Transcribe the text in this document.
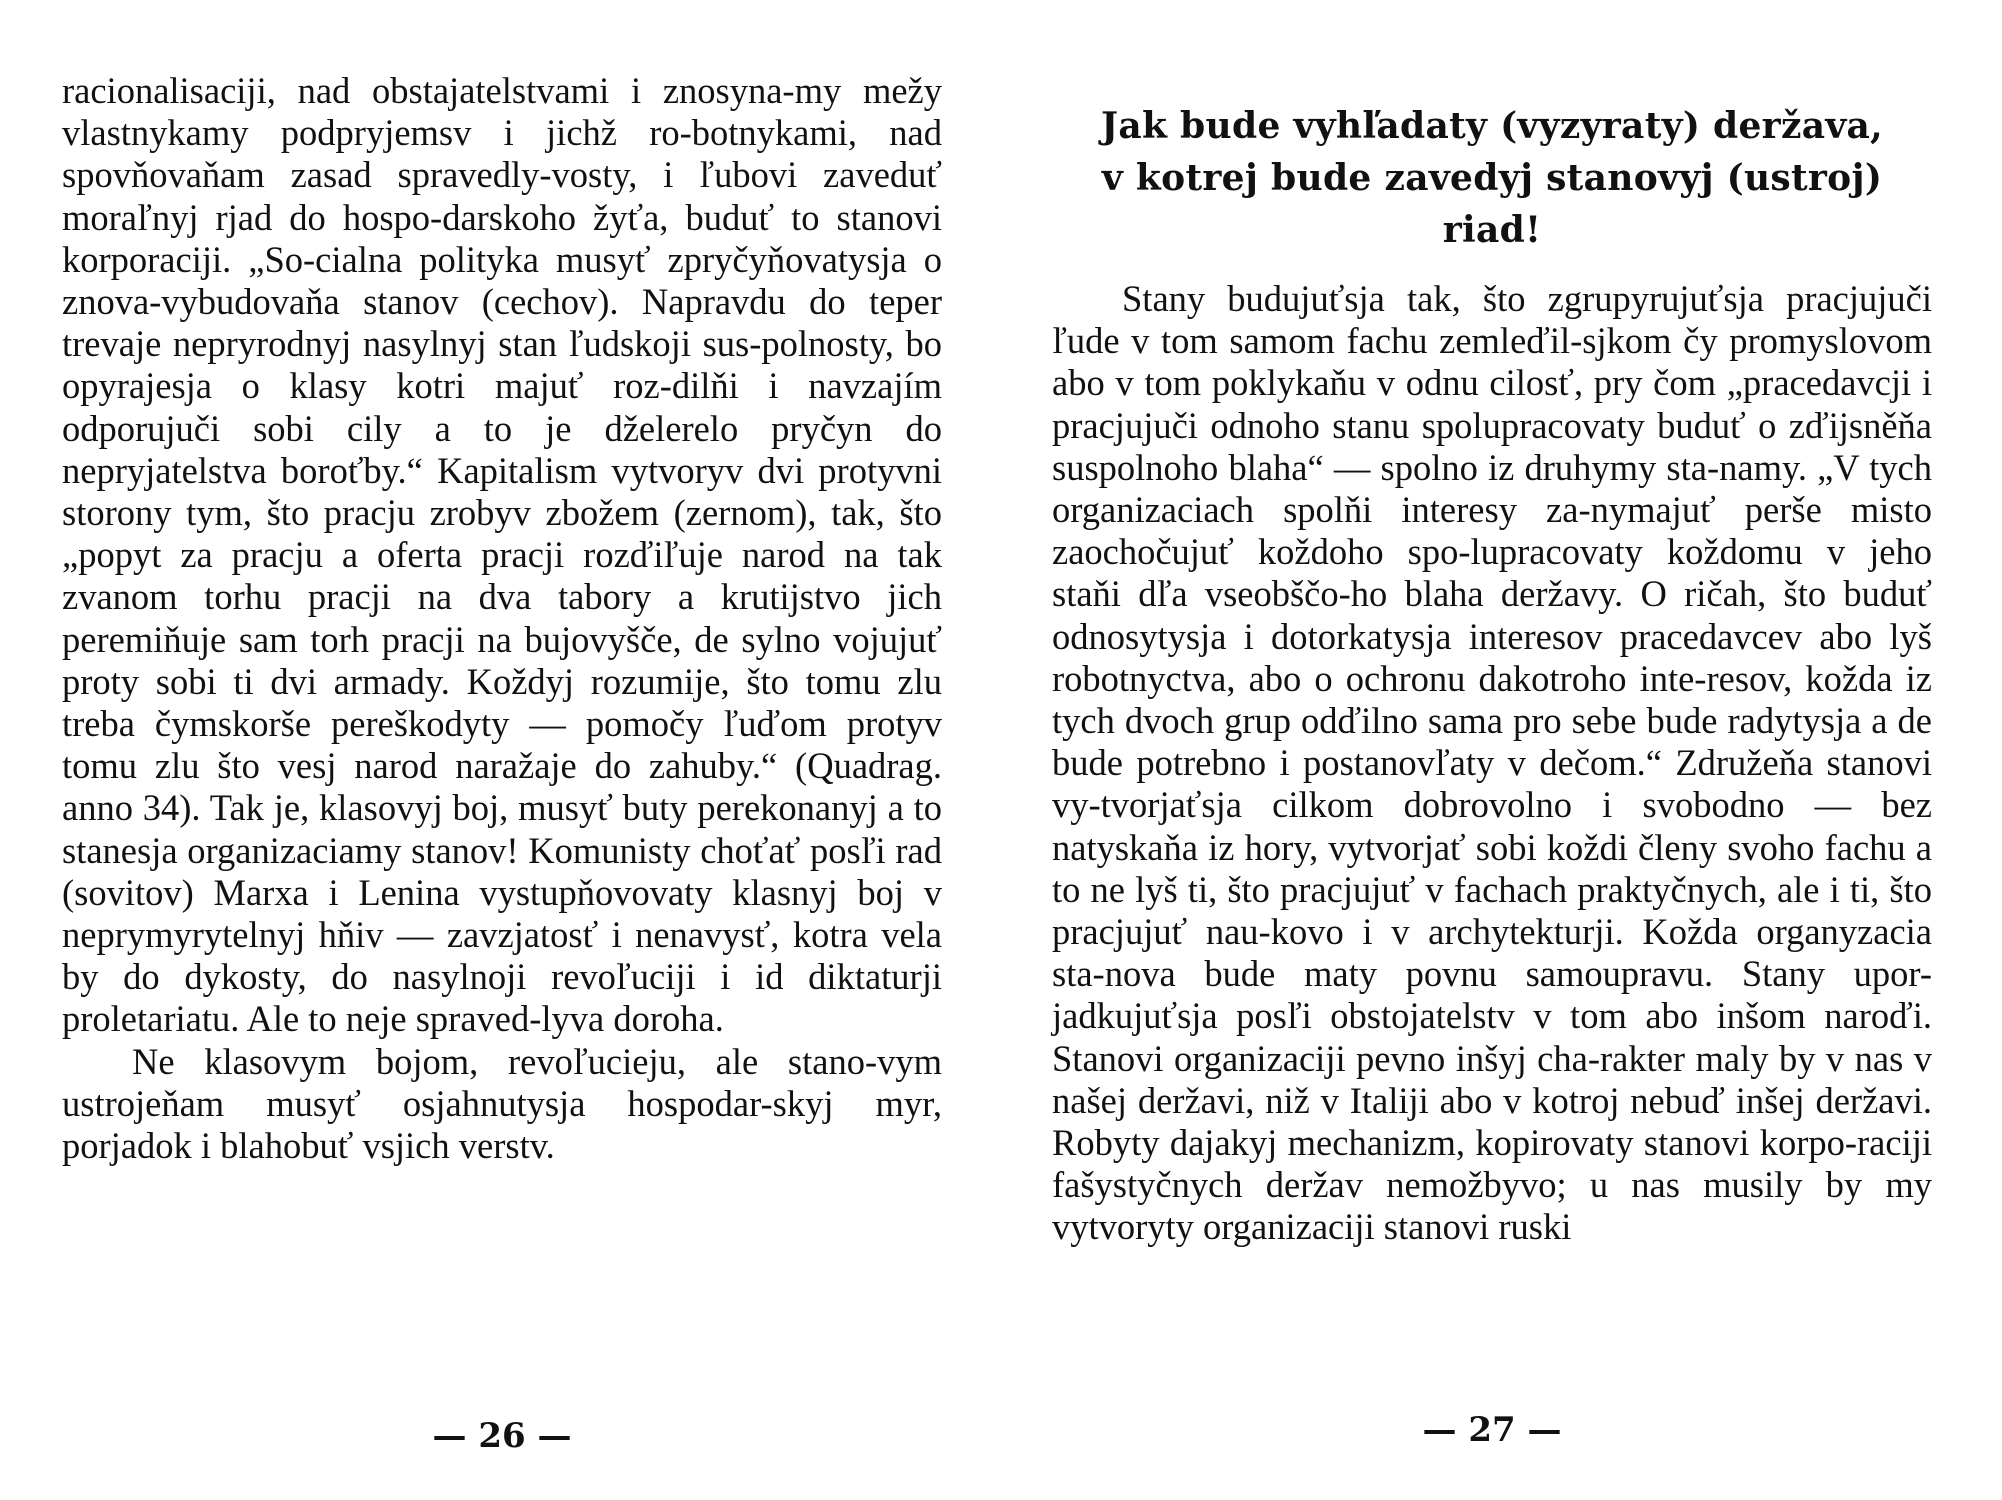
racionalisaciji, nad obstajatelstvami i znosyna-my mežy vlastnykamy podpryjemsv i jichž ro-botnykami, nad spovňovaňam zasad spravedly-vosty, i ľubovi zaveduť moraľnyj rjad do hospo-darskoho žyťa, buduť to stanovi korporaciji. „So-cialna polityka musyť zpryčyňovatysja o znova-vybudovaňa stanov (cechov). Napravdu do teper trevaje nepryrodnyj nasylnyj stan ľudskoji sus-polnosty, bo opyrajesja o klasy kotri majuť roz-dilňi i navzajím odporujuči sobi cily a to je dželerelo pryčyn do nepryjatelstva boroťby.“ Kapitalism vytvoryv dvi protyvni storony tym, što pracju zrobyv zbožem (zernom), tak, što „popyt za pracju a oferta pracji rozďiľuje narod na tak zvanom torhu pracji na dva tabory a krutijstvo jich peremiňuje sam torh pracji na bujovyšče, de sylno vojujuť proty sobi ti dvi armady. Koždyj rozumije, što tomu zlu treba čymskorše pereškodyty — pomočy ľuďom protyv tomu zlu što vesj narod naražaje do zahuby.“ (Quadrag. anno 34). Tak je, klasovyj boj, musyť buty perekonanyj a to stanesja organizaciamy stanov! Komunisty choťať posľi rad (sovitov) Marxa i Lenina vystupňovovaty klasnyj boj v neprymyrytelnyj hňiv — zavzjatosť i nenavysť, kotra vela by do dykosty, do nasylnoji revoľuciji i id diktaturji proletariatu. Ale to neje spraved-lyva doroha.

Ne klasovym bojom, revoľucieju, ale stano-vym ustrojeňam musyť osjahnutysja hospodar-skyj myr, porjadok i blahobuť vsjich verstv.

— 26 —
Jak bude vyhľadaty (vyzyraty) deržava,
v kotrej bude zavedyj stanovyj (ustroj) riad!

Stany budujuťsja tak, što zgrupyrujuťsja pracjujuči ľude v tom samom fachu zemleďil-sjkom čy promyslovom abo v tom poklykaňu v odnu cilosť, pry čom „pracedavcji i pracjujuči odnoho stanu spolupracovaty buduť o zďijsněňa suspolnoho blaha“ — spolno iz druhymy sta-namy. „V tych organizaciach spolňi interesy za-nymajuť perše misto zaochočujuť koždoho spo-lupracovaty koždomu v jeho staňi dľa vseobščo-ho blaha deržavy. O ričah, što buduť odnosytysja i dotorkatysja interesov pracedavcev abo lyš robotnyctva, abo o ochronu dakotroho inte-resov, kožda iz tych dvoch grup odďilno sama pro sebe bude radytysja a de bude potrebno i postanovľaty v dečom.“ Združeňa stanovi vy-tvorjaťsja cilkom dobrovolno i svobodno — bez natyskaňa iz hory, vytvorjať sobi koždi členy svoho fachu a to ne lyš ti, što pracjujuť v fachach praktyčnych, ale i ti, što pracjujuť nau-kovo i v archytekturji. Kožda organyzacia sta-nova bude maty povnu samoupravu. Stany upor-jadkujuťsja posľi obstojatelstv v tom abo inšom naroďi. Stanovi organizaciji pevno inšyj cha-rakter maly by v nas v našej deržavi, niž v Italiji abo v kotroj nebuď inšej deržavi. Robyty dajakyj mechanizm, kopirovaty stanovi korpo-raciji fašystyčnych deržav nemožbyvo; u nas musily by my vytvoryty organizaciji stanovi ruski

— 27 —
